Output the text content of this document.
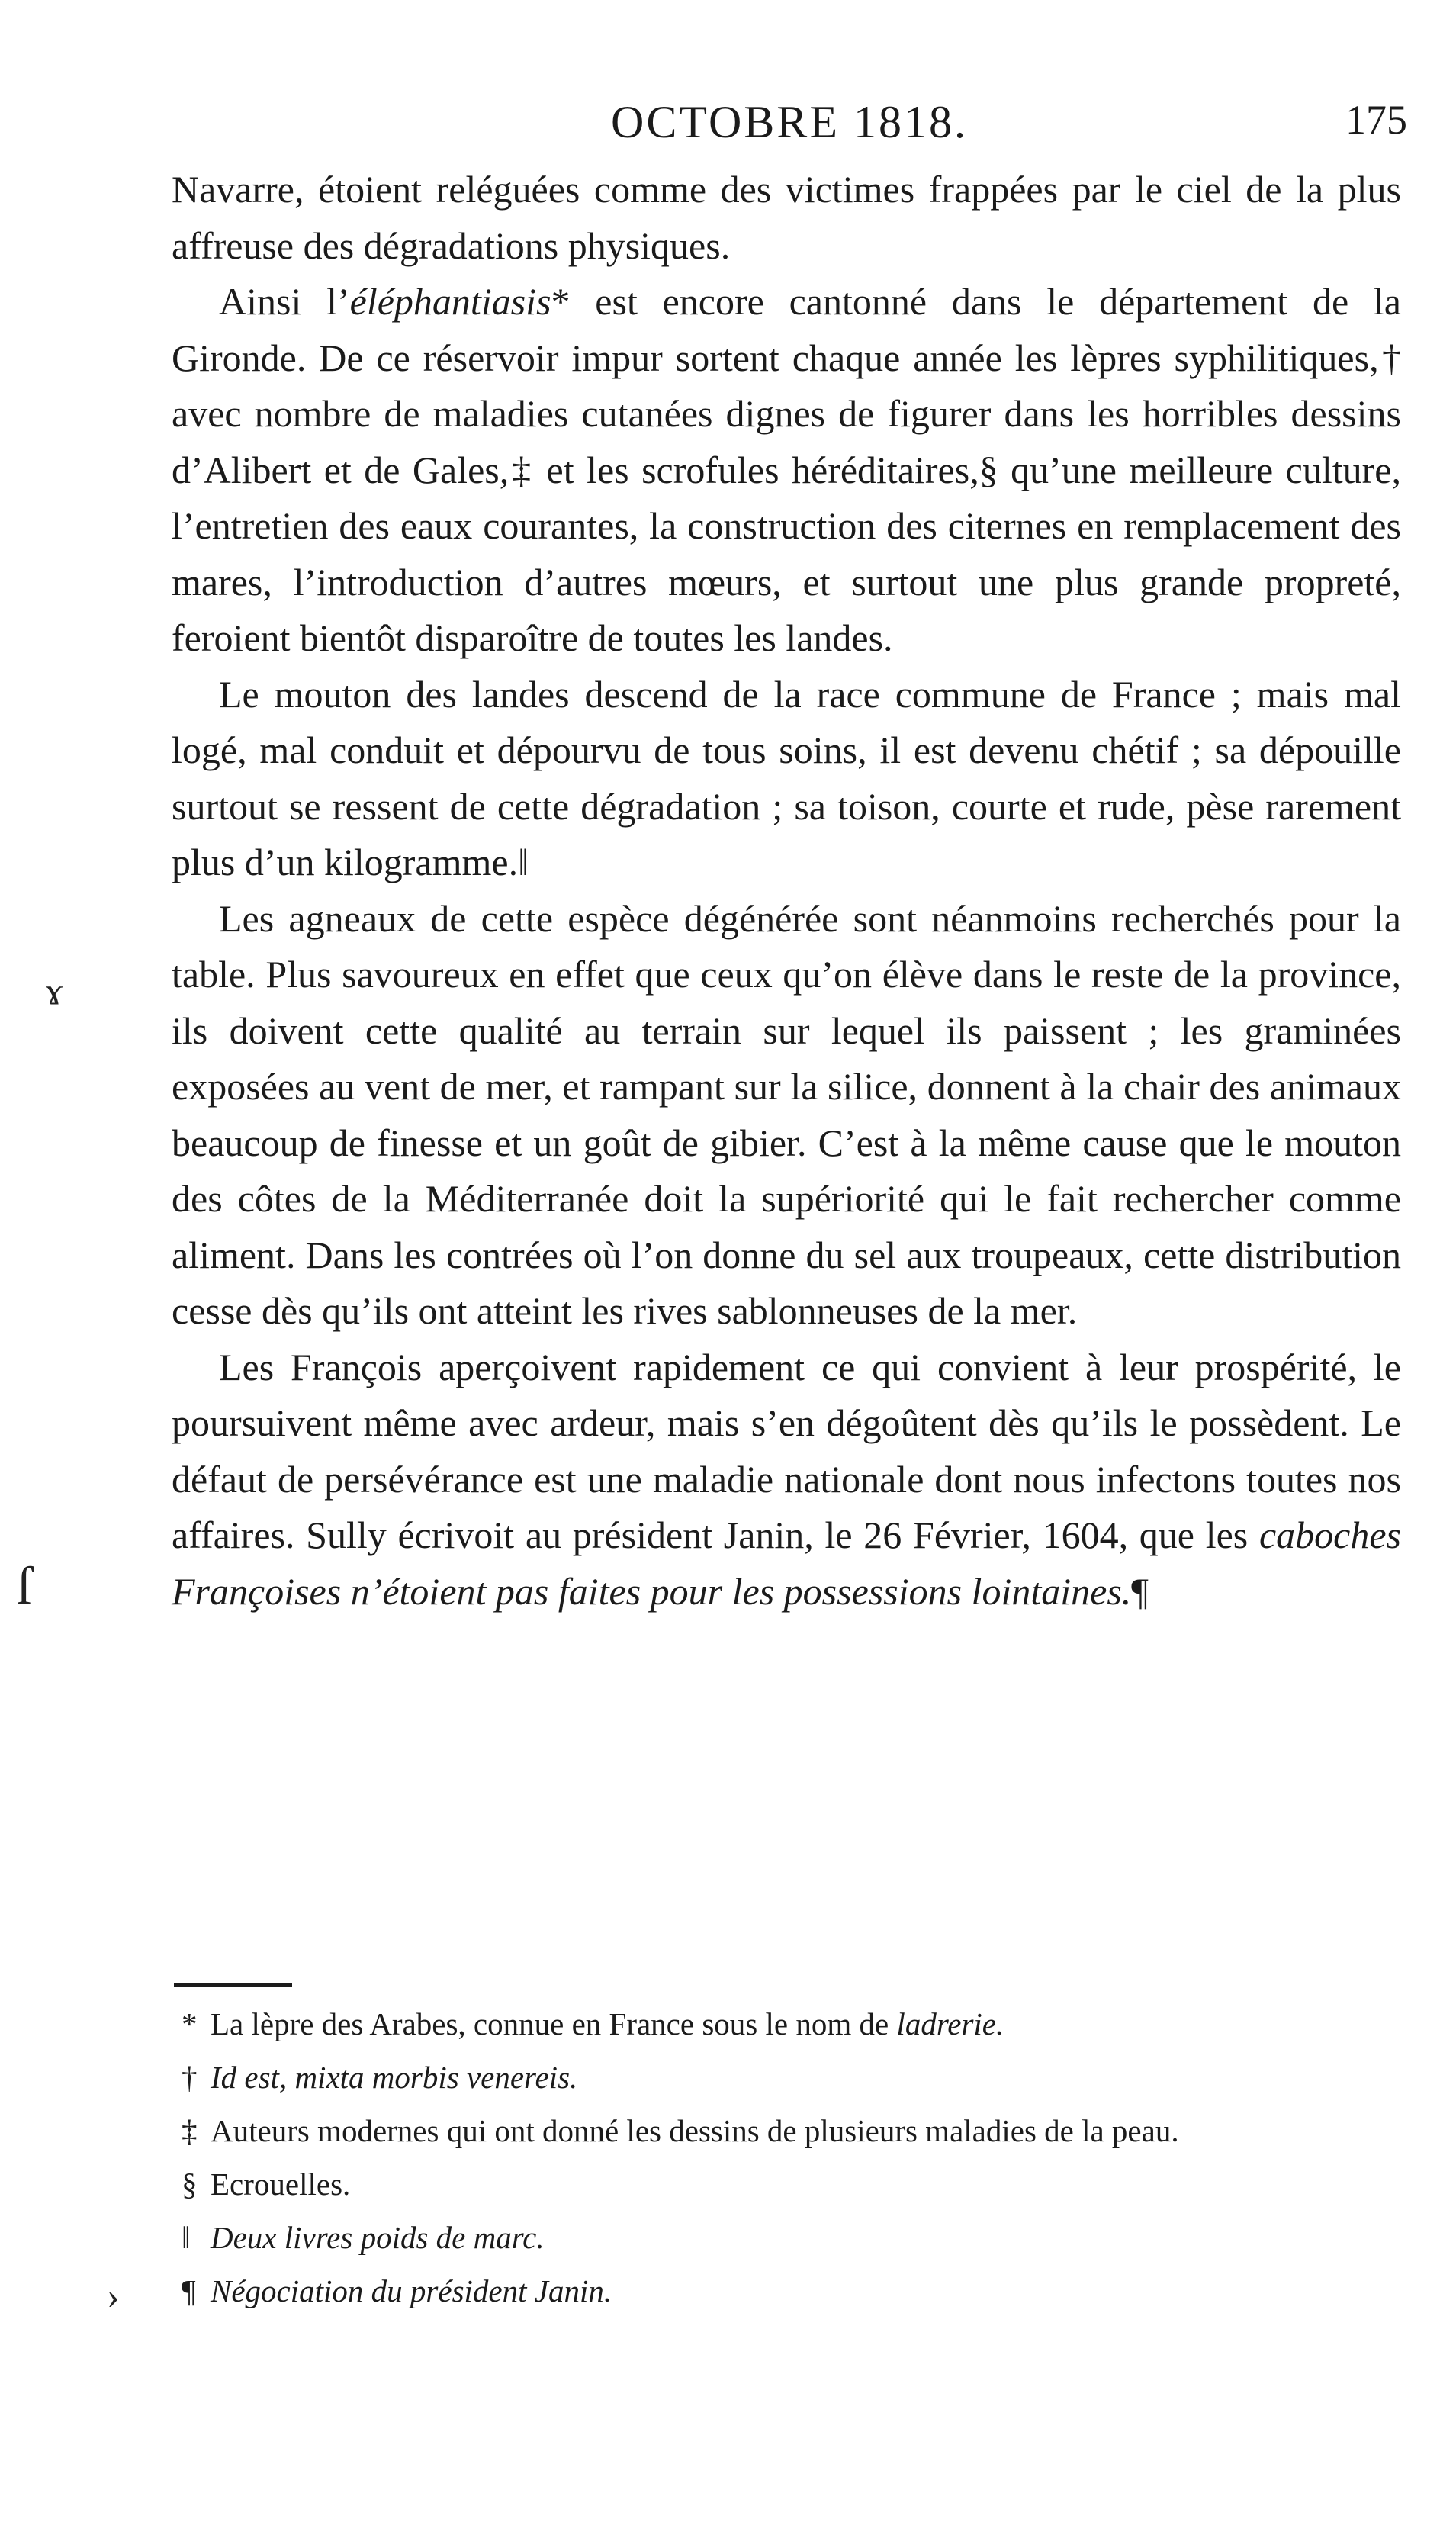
OCTOBRE 1818.	175

Navarre, étoient reléguées comme des victimes frappées par le ciel de la plus affreuse des dégradations physiques.

Ainsi l’éléphantiasis* est encore cantonné dans le département de la Gironde. De ce réservoir impur sortent chaque année les lèpres syphilitiques,† avec nombre de maladies cutanées dignes de figurer dans les horribles dessins d’Alibert et de Gales,‡ et les scrofules héréditaires,§ qu’une meilleure culture, l’entretien des eaux courantes, la construction des citernes en remplacement des mares, l’introduction d’autres mœurs, et surtout une plus grande propreté, feroient bientôt disparoître de toutes les landes.

Le mouton des landes descend de la race commune de France ; mais mal logé, mal conduit et dépourvu de tous soins, il est devenu chétif ; sa dépouille surtout se ressent de cette dégradation ; sa toison, courte et rude, pèse rarement plus d’un kilogramme.‖

Les agneaux de cette espèce dégénérée sont néanmoins recherchés pour la table. Plus savoureux en effet que ceux qu’on élève dans le reste de la province, ils doivent cette qualité au terrain sur lequel ils paissent ; les graminées exposées au vent de mer, et rampant sur la silice, donnent à la chair des animaux beaucoup de finesse et un goût de gibier. C’est à la même cause que le mouton des côtes de la Méditerranée doit la supériorité qui le fait rechercher comme aliment. Dans les contrées où l’on donne du sel aux troupeaux, cette distribution cesse dès qu’ils ont atteint les rives sablonneuses de la mer.

Les François aperçoivent rapidement ce qui convient à leur prospérité, le poursuivent même avec ardeur, mais s’en dégoûtent dès qu’ils le possèdent. Le défaut de persévérance est une maladie nationale dont nous infectons toutes nos affaires. Sully écrivoit au président Janin, le 26 Février, 1604, que les caboches Françoises n’étoient pas faites pour les possessions lointaines.¶

* La lèpre des Arabes, connue en France sous le nom de ladrerie.

† Id est, mixta morbis venereis.

‡ Auteurs modernes qui ont donné les dessins de plusieurs maladies de la peau.

§ Ecrouelles.

‖ Deux livres poids de marc.

¶ Négociation du président Janin.

ɤ
ſ
›
